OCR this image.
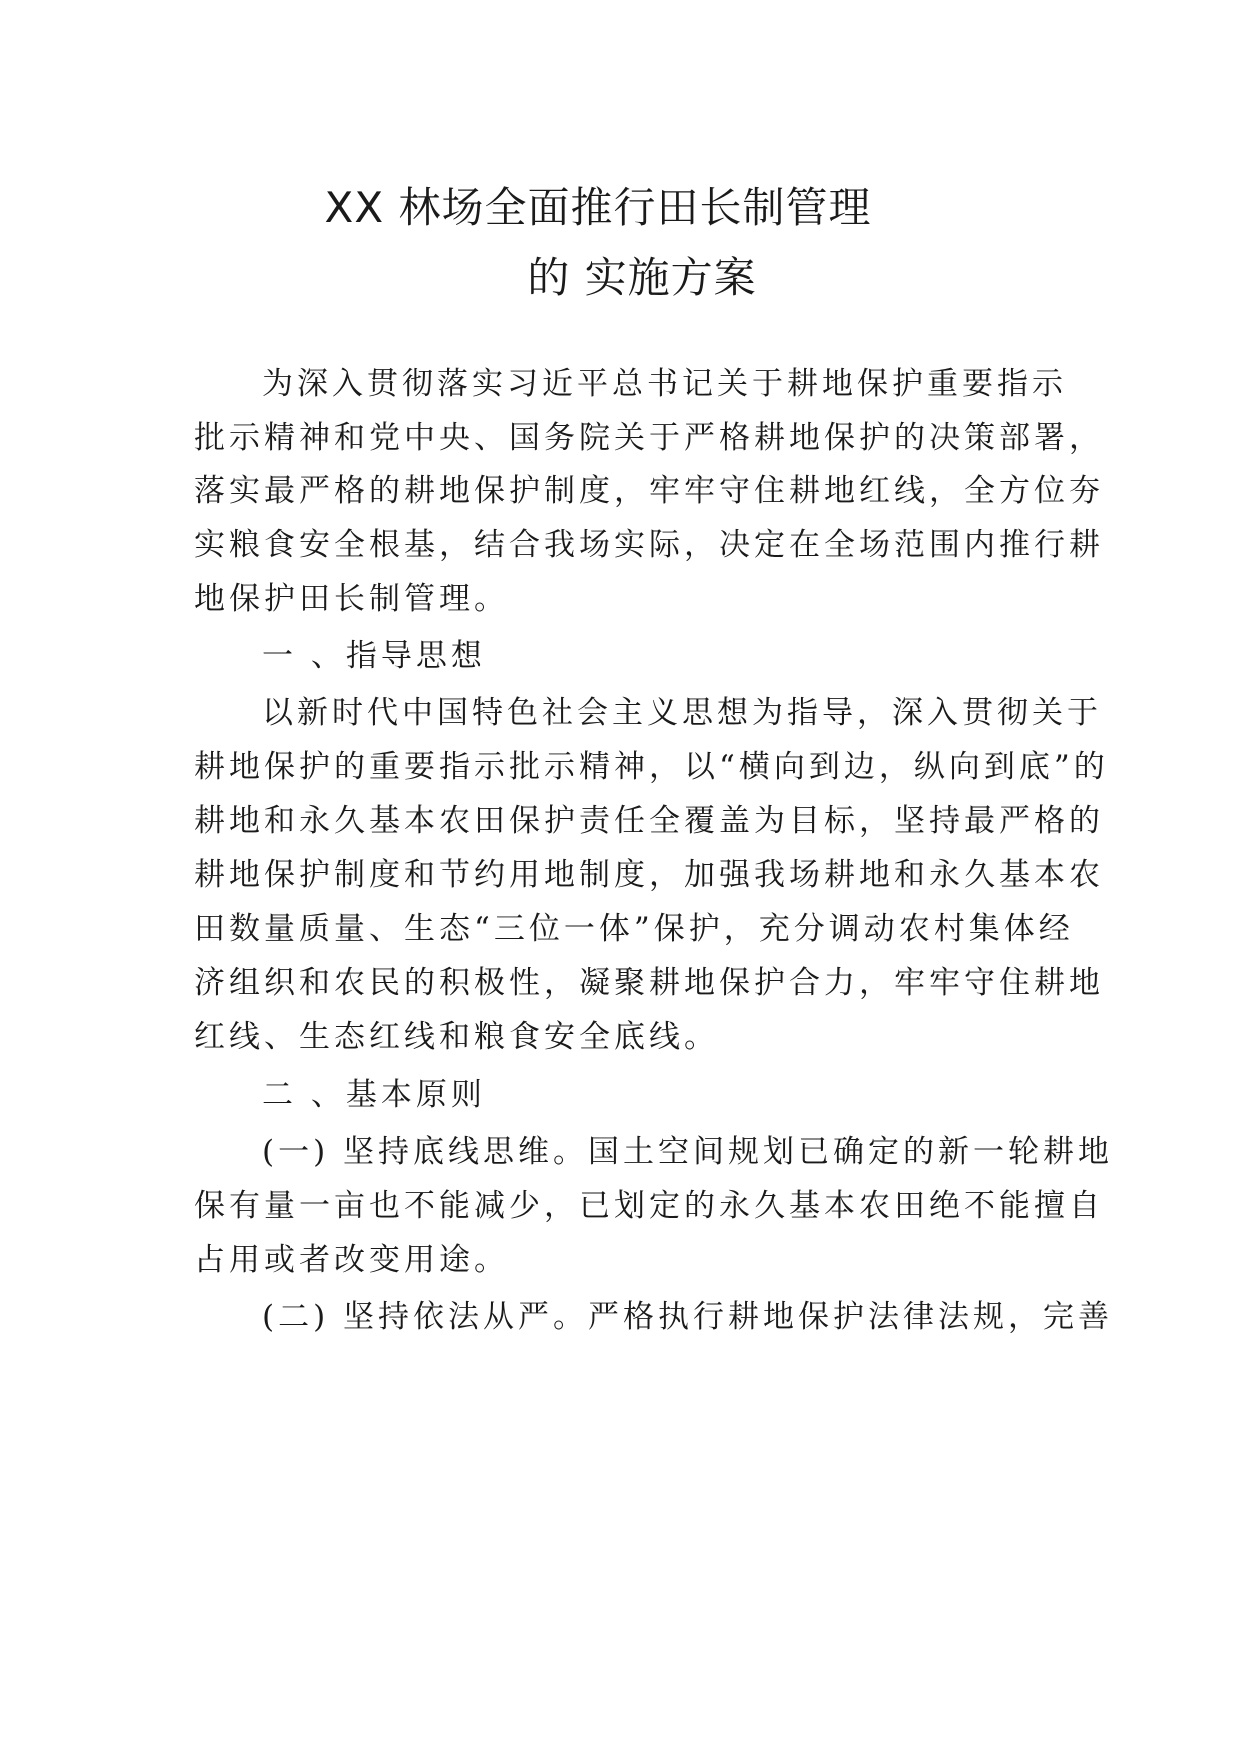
XX 林场全面推行田长制管理
的 实施方案
为深入贯彻落实习近平总书记关于耕地保护重要指示
批示精神和党中央、国务院关于严格耕地保护的决策部署，
落实最严格的耕地保护制度，牢牢守住耕地红线，全方位夯
实粮食安全根基，结合我场实际，决定在全场范围内推行耕
地保护田长制管理。
一 、指导思想
以新时代中国特色社会主义思想为指导，深入贯彻关于
耕地保护的重要指示批示精神，以“横向到边，纵向到底”的
耕地和永久基本农田保护责任全覆盖为目标，坚持最严格的
耕地保护制度和节约用地制度，加强我场耕地和永久基本农
田数量质量、生态“三位一体”保护，充分调动农村集体经
济组织和农民的积极性，凝聚耕地保护合力，牢牢守住耕地
红线、生态红线和粮食安全底线。
二 、基本原则
(一) 坚持底线思维。国土空间规划已确定的新一轮耕地
保有量一亩也不能减少，已划定的永久基本农田绝不能擅自
占用或者改变用途。
(二) 坚持依法从严。严格执行耕地保护法律法规，完善
